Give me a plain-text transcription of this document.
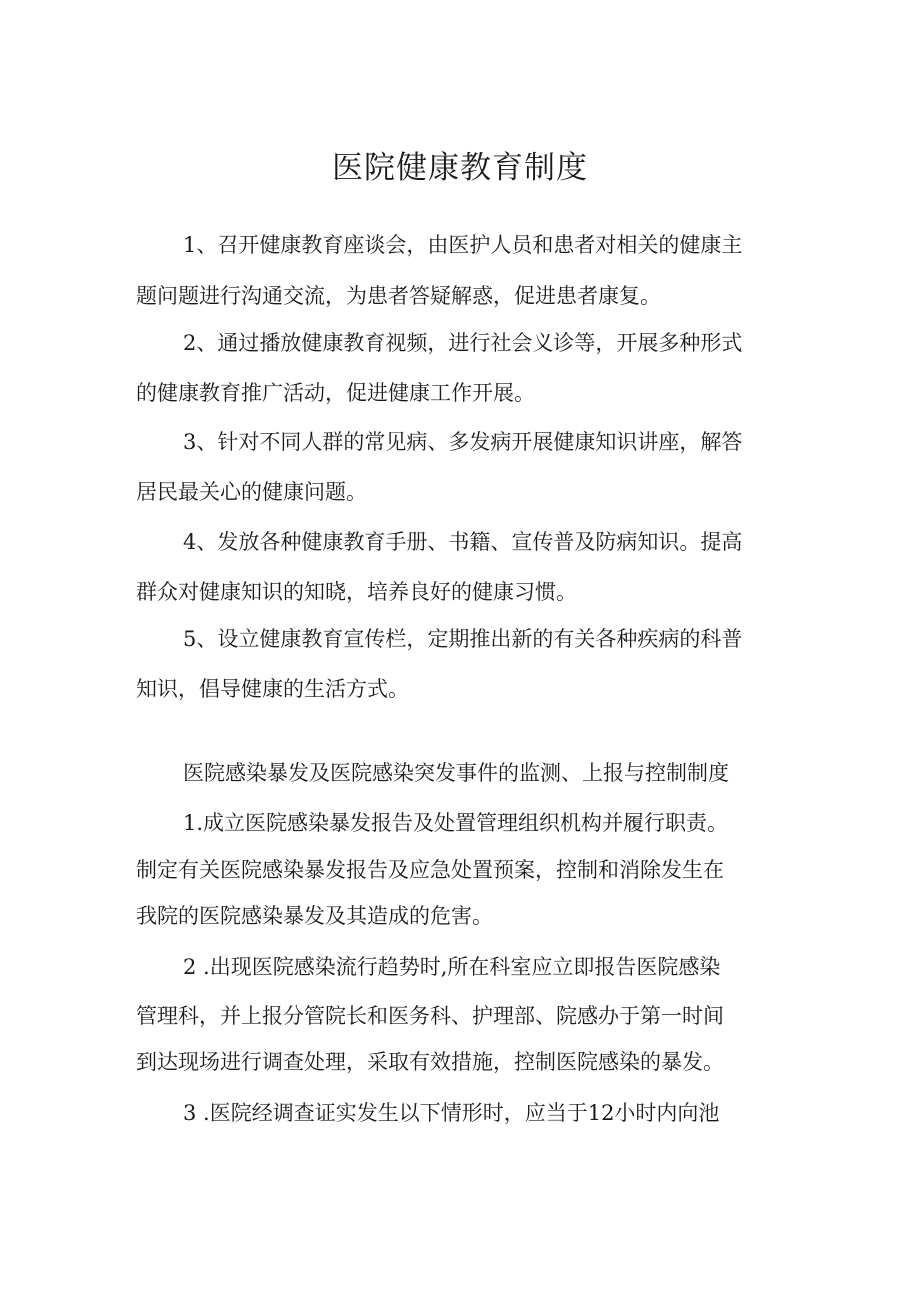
医院健康教育制度
1、召开健康教育座谈会，由医护人员和患者对相关的健康主
题问题进行沟通交流，为患者答疑解惑，促进患者康复。
2、通过播放健康教育视频，进行社会义诊等，开展多种形式
的健康教育推广活动，促进健康工作开展。
3、针对不同人群的常见病、多发病开展健康知识讲座，解答
居民最关心的健康问题。
4、发放各种健康教育手册、书籍、宣传普及防病知识。提高
群众对健康知识的知晓，培养良好的健康习惯。
5、设立健康教育宣传栏，定期推出新的有关各种疾病的科普
知识，倡导健康的生活方式。
医院感染暴发及医院感染突发事件的监测、上报与控制制度
1.成立医院感染暴发报告及处置管理组织机构并履行职责。
制定有关医院感染暴发报告及应急处置预案，控制和消除发生在
我院的医院感染暴发及其造成的危害。
2 .出现医院感染流行趋势时,所在科室应立即报告医院感染
管理科，并上报分管院长和医务科、护理部、院感办于第一时间
到达现场进行调查处理，采取有效措施，控制医院感染的暴发。
3 .医院经调查证实发生以下情形时，应当于12小时内向池
